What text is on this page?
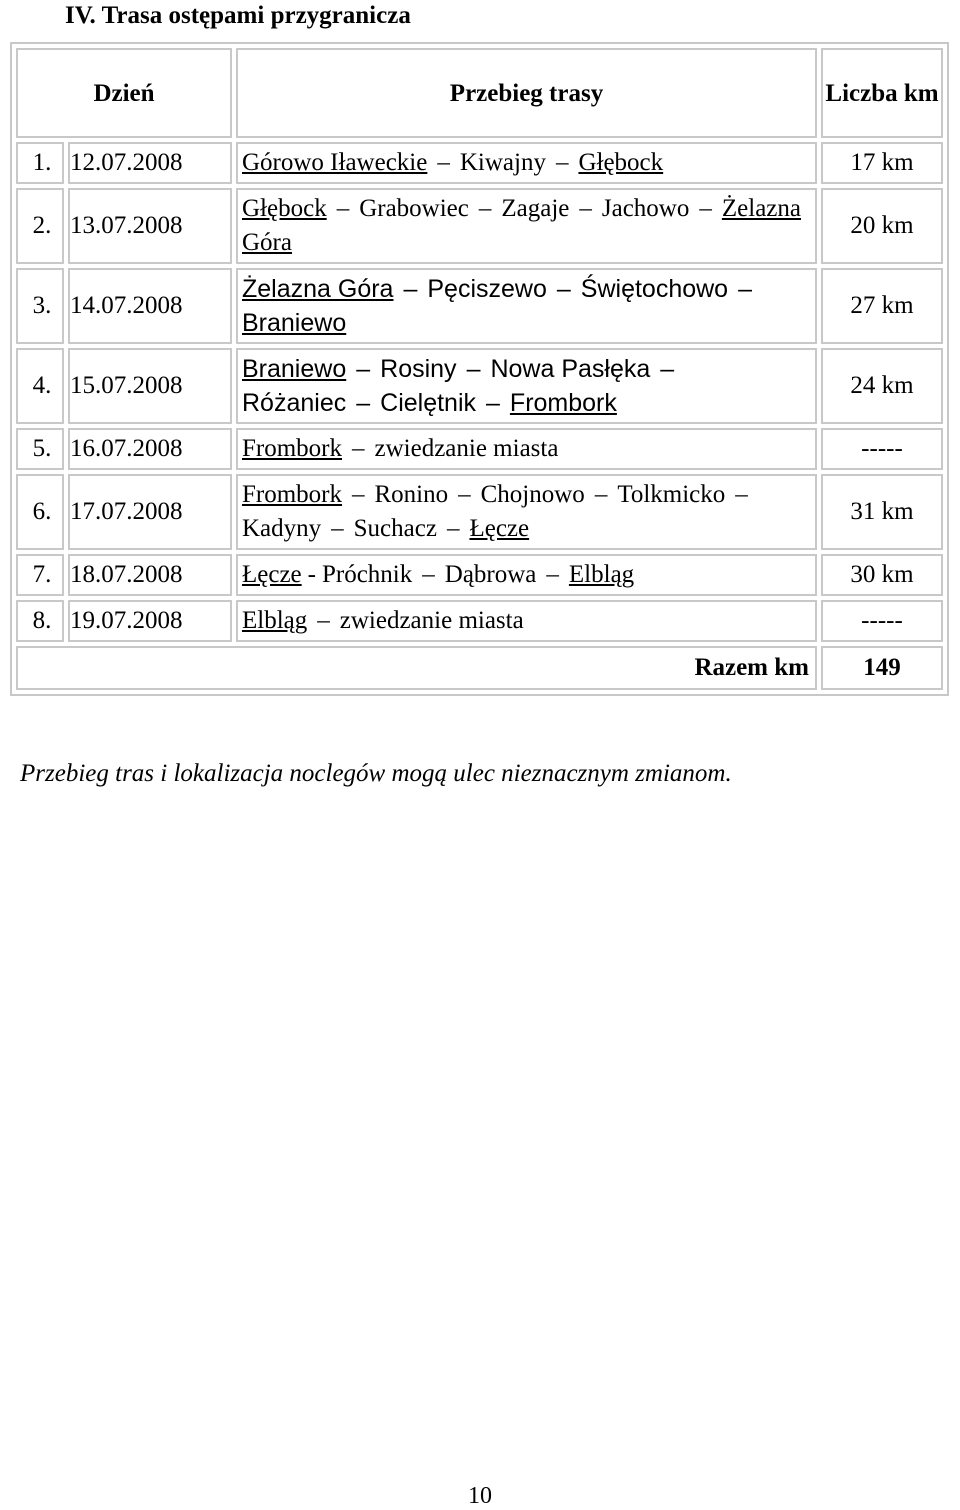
IV. Trasa ostępami przygranicza
Dzień		Przebieg trasy	Liczba km
1.	12.07.2008	Górowo Iławeckie – Kiwajny – Głębock	17 km
2.	13.07.2008	Głębock – Grabowiec – Zagaje – Jachowo – Żelazna Góra	20 km
3.	14.07.2008	Żelazna Góra – Pęciszewo – Świętochowo –Braniewo	27 km
4.	15.07.2008	Braniewo – Rosiny – Nowa Pasłęka –Różaniec – Cielętnik – Frombork	24 km
5.	16.07.2008	Frombork – zwiedzanie miasta	-----
6.	17.07.2008	Frombork – Ronino – Chojnowo – Tolkmicko –Kadyny – Suchacz – Łęcze	31 km
7.	18.07.2008	Łęcze - Próchnik – Dąbrowa – Elbląg	30 km
8.	19.07.2008	Elbląg – zwiedzanie miasta	-----
Razem km			149

Przebieg tras i lokalizacja noclegów mogą ulec nieznacznym zmianom.

10
